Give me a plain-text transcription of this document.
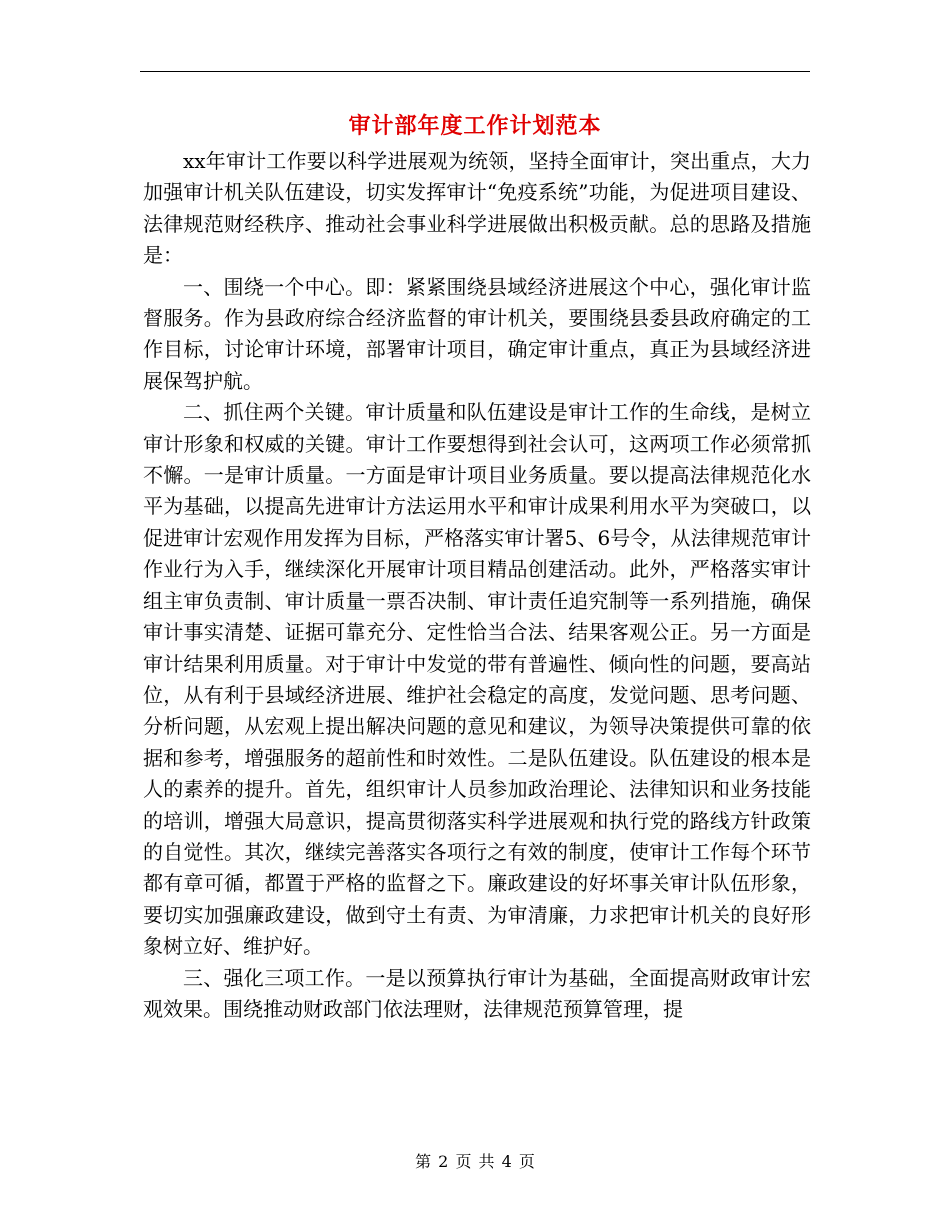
审计部年度工作计划范本

xx年审计工作要以科学进展观为统领，坚持全面审计，突出重点，大力加强审计机关队伍建设，切实发挥审计“免疫系统”功能，为促进项目建设、法律规范财经秩序、推动社会事业科学进展做出积极贡献。总的思路及措施是：

一、围绕一个中心。即：紧紧围绕县域经济进展这个中心，强化审计监督服务。作为县政府综合经济监督的审计机关，要围绕县委县政府确定的工作目标，讨论审计环境，部署审计项目，确定审计重点，真正为县域经济进展保驾护航。

二、抓住两个关键。审计质量和队伍建设是审计工作的生命线，是树立审计形象和权威的关键。审计工作要想得到社会认可，这两项工作必须常抓不懈。一是审计质量。一方面是审计项目业务质量。要以提高法律规范化水平为基础，以提高先进审计方法运用水平和审计成果利用水平为突破口，以促进审计宏观作用发挥为目标，严格落实审计署5、6号令，从法律规范审计作业行为入手，继续深化开展审计项目精品创建活动。此外，严格落实审计组主审负责制、审计质量一票否决制、审计责任追究制等一系列措施，确保审计事实清楚、证据可靠充分、定性恰当合法、结果客观公正。另一方面是审计结果利用质量。对于审计中发觉的带有普遍性、倾向性的问题，要高站位，从有利于县域经济进展、维护社会稳定的高度，发觉问题、思考问题、分析问题，从宏观上提出解决问题的意见和建议，为领导决策提供可靠的依据和参考，增强服务的超前性和时效性。二是队伍建设。队伍建设的根本是人的素养的提升。首先，组织审计人员参加政治理论、法律知识和业务技能的培训，增强大局意识，提高贯彻落实科学进展观和执行党的路线方针政策的自觉性。其次，继续完善落实各项行之有效的制度，使审计工作每个环节都有章可循，都置于严格的监督之下。廉政建设的好坏事关审计队伍形象，要切实加强廉政建设，做到守土有责、为审清廉，力求把审计机关的良好形象树立好、维护好。

三、强化三项工作。一是以预算执行审计为基础，全面提高财政审计宏观效果。围绕推动财政部门依法理财，法律规范预算管理，提

第 2 页 共 4 页
